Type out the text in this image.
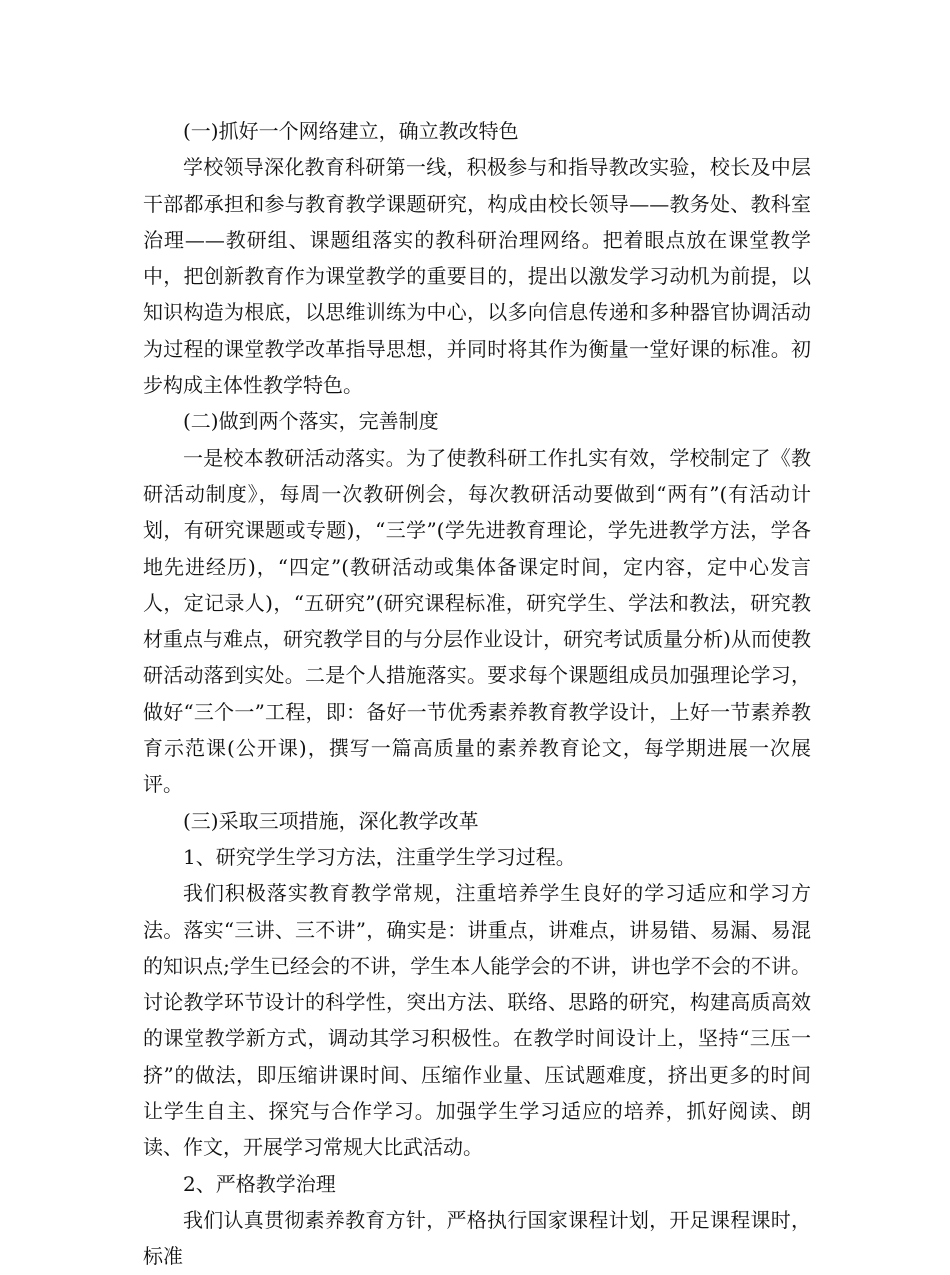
(一)抓好一个网络建立，确立教改特色

学校领导深化教育科研第一线，积极参与和指导教改实验，校长及中层干部都承担和参与教育教学课题研究，构成由校长领导——教务处、教科室治理——教研组、课题组落实的教科研治理网络。把着眼点放在课堂教学中，把创新教育作为课堂教学的重要目的，提出以激发学习动机为前提，以知识构造为根底，以思维训练为中心，以多向信息传递和多种器官协调活动为过程的课堂教学改革指导思想，并同时将其作为衡量一堂好课的标准。初步构成主体性教学特色。

(二)做到两个落实，完善制度

一是校本教研活动落实。为了使教科研工作扎实有效，学校制定了《教研活动制度》，每周一次教研例会，每次教研活动要做到“两有”(有活动计划，有研究课题或专题)，“三学”(学先进教育理论，学先进教学方法，学各地先进经历)，“四定”(教研活动或集体备课定时间，定内容，定中心发言人，定记录人)，“五研究”(研究课程标准，研究学生、学法和教法，研究教材重点与难点，研究教学目的与分层作业设计，研究考试质量分析)从而使教研活动落到实处。二是个人措施落实。要求每个课题组成员加强理论学习，做好“三个一”工程，即：备好一节优秀素养教育教学设计，上好一节素养教育示范课(公开课)，撰写一篇高质量的素养教育论文，每学期进展一次展评。

(三)采取三项措施，深化教学改革

1、研究学生学习方法，注重学生学习过程。

我们积极落实教育教学常规，注重培养学生良好的学习适应和学习方法。落实“三讲、三不讲”，确实是：讲重点，讲难点，讲易错、易漏、易混的知识点;学生已经会的不讲，学生本人能学会的不讲，讲也学不会的不讲。讨论教学环节设计的科学性，突出方法、联络、思路的研究，构建高质高效的课堂教学新方式，调动其学习积极性。在教学时间设计上，坚持“三压一挤”的做法，即压缩讲课时间、压缩作业量、压试题难度，挤出更多的时间让学生自主、探究与合作学习。加强学生学习适应的培养，抓好阅读、朗读、作文，开展学习常规大比武活动。

2、严格教学治理

我们认真贯彻素养教育方针，严格执行国家课程计划，开足课程课时，标准
